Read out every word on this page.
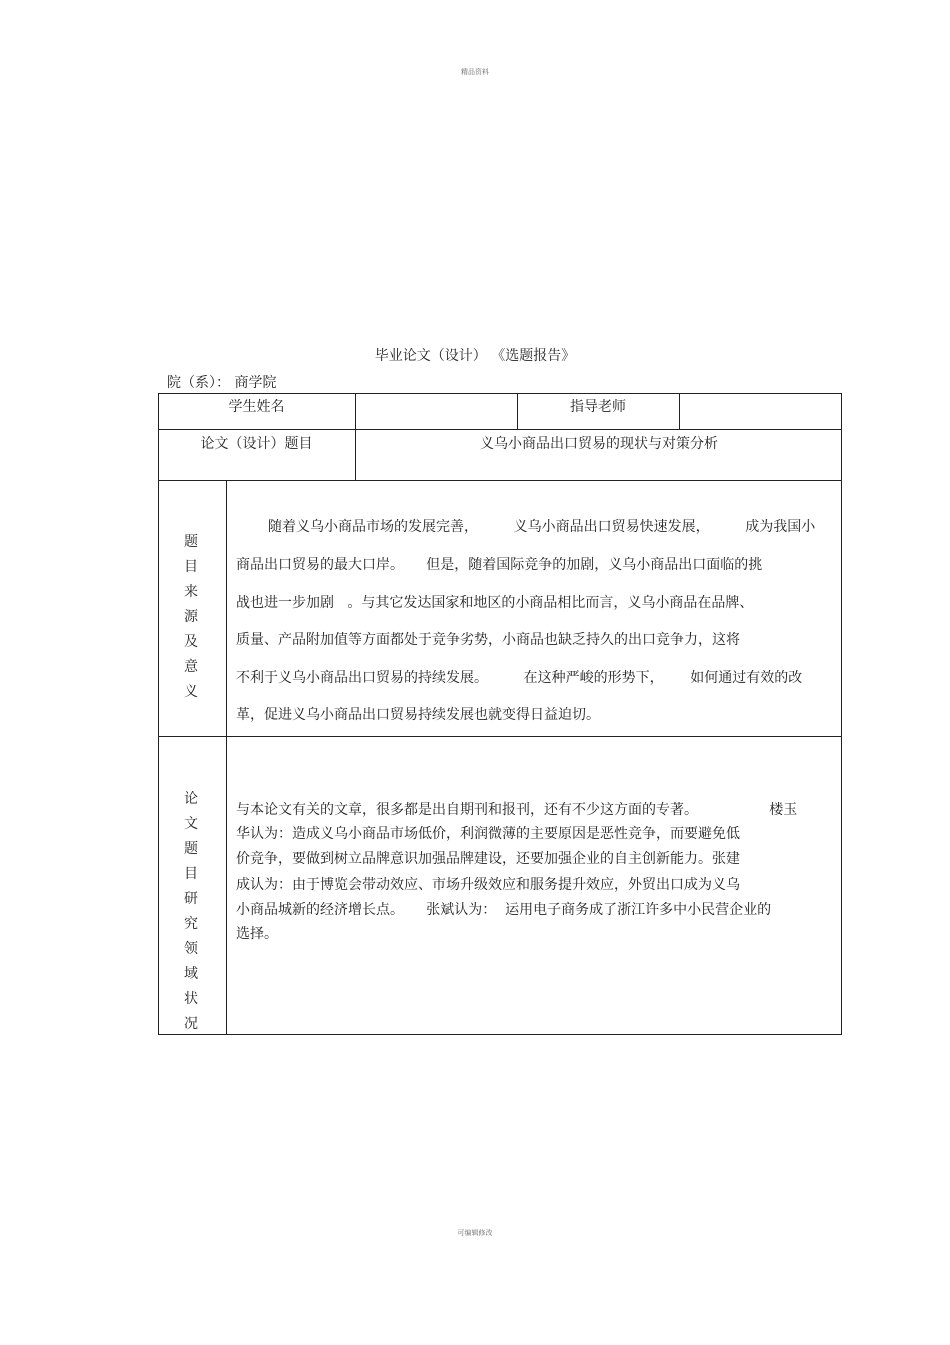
精品资料
毕业论文（设计） 《选题报告》
院（系）： 商学院
学生姓名	指导老师
论文（设计）题目	义乌小商品出口贸易的现状与对策分析
题
目
来
源
及
意
义
随着义乌小商品市场的发展完善，        义乌小商品出口贸易快速发展，        成为我国小
商品出口贸易的最大口岸。     但是，随着国际竞争的加剧，义乌小商品出口面临的挑
战也进一步加剧   。与其它发达国家和地区的小商品相比而言，义乌小商品在品牌、
质量、产品附加值等方面都处于竞争劣势，小商品也缺乏持久的出口竞争力，这将
不利于义乌小商品出口贸易的持续发展。        在这种严峻的形势下，      如何通过有效的改
革，促进义乌小商品出口贸易持续发展也就变得日益迫切。
论
文
题
目
研
究
领
域
状
况
与本论文有关的文章，很多都是出自期刊和报刊，还有不少这方面的专著。                楼玉
华认为：造成义乌小商品市场低价，利润微薄的主要原因是恶性竞争，而要避免低
价竞争，要做到树立品牌意识加强品牌建设，还要加强企业的自主创新能力。张建
成认为：由于博览会带动效应、市场升级效应和服务提升效应，外贸出口成为义乌
小商品城新的经济增长点。     张斌认为：  运用电子商务成了浙江许多中小民营企业的
选择。
可编辑修改
